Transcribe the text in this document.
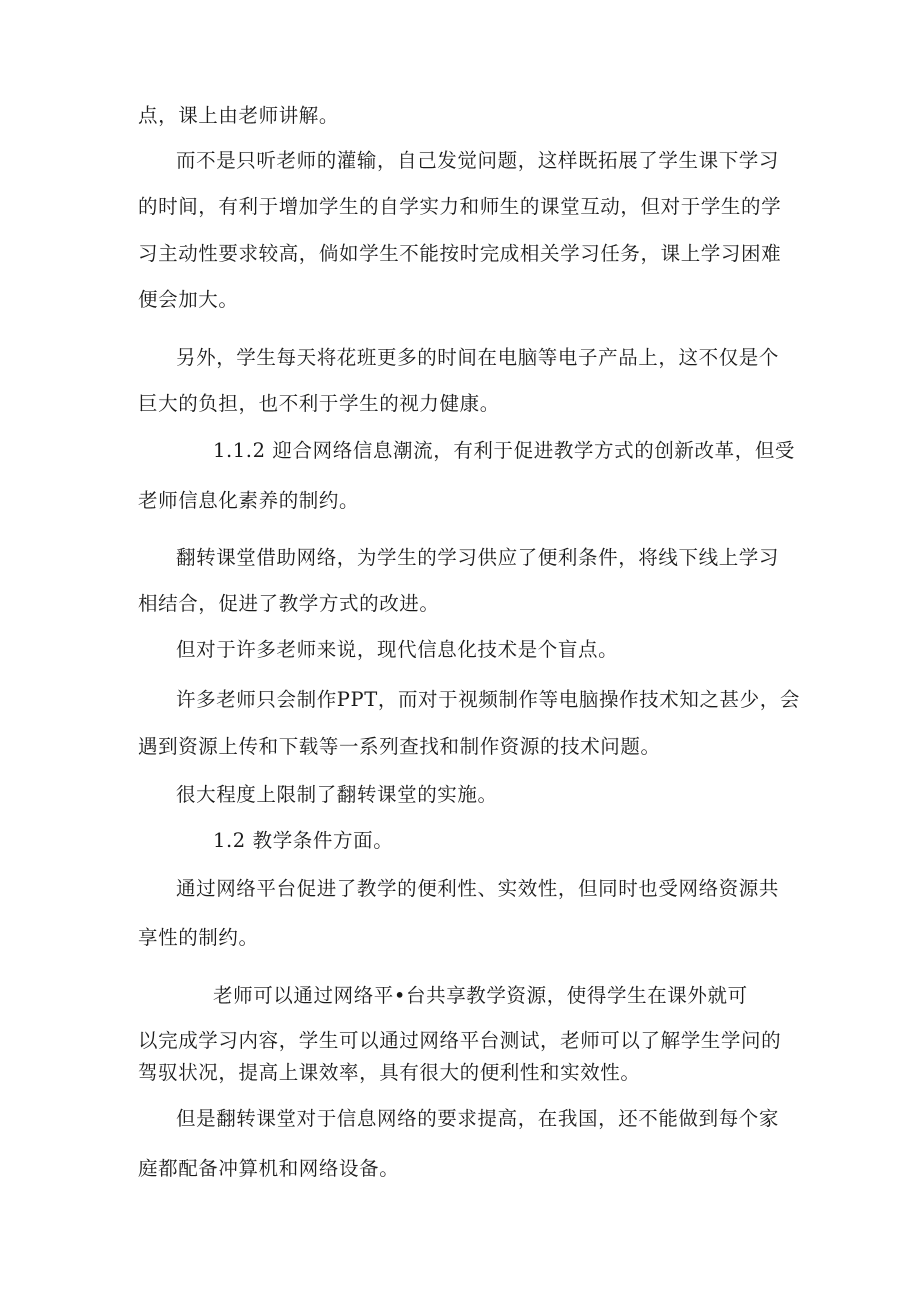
点，课上由老师讲解。
而不是只听老师的灌输，自己发觉问题，这样既拓展了学生课下学习
的时间，有利于增加学生的自学实力和师生的课堂互动，但对于学生的学
习主动性要求较高，倘如学生不能按时完成相关学习任务，课上学习困难
便会加大。
另外，学生每天将花班更多的时间在电脑等电子产品上，这不仅是个
巨大的负担，也不利于学生的视力健康。
1.1.2 迎合网络信息潮流，有利于促进教学方式的创新改革，但受
老师信息化素养的制约。
翻转课堂借助网络，为学生的学习供应了便利条件，将线下线上学习
相结合，促进了教学方式的改进。
但对于许多老师来说，现代信息化技术是个盲点。
许多老师只会制作PPT，而对于视频制作等电脑操作技术知之甚少，会
遇到资源上传和下载等一系列查找和制作资源的技术问题。
很大程度上限制了翻转课堂的实施。
1.2 教学条件方面。
通过网络平台促进了教学的便利性、实效性，但同时也受网络资源共
享性的制约。
老师可以通过网络平•台共享教学资源，使得学生在课外就可
以完成学习内容，学生可以通过网络平台测试，老师可以了解学生学问的
驾驭状况，提高上课效率，具有很大的便利性和实效性。
但是翻转课堂对于信息网络的要求提高，在我国，还不能做到每个家
庭都配备冲算机和网络设备。
